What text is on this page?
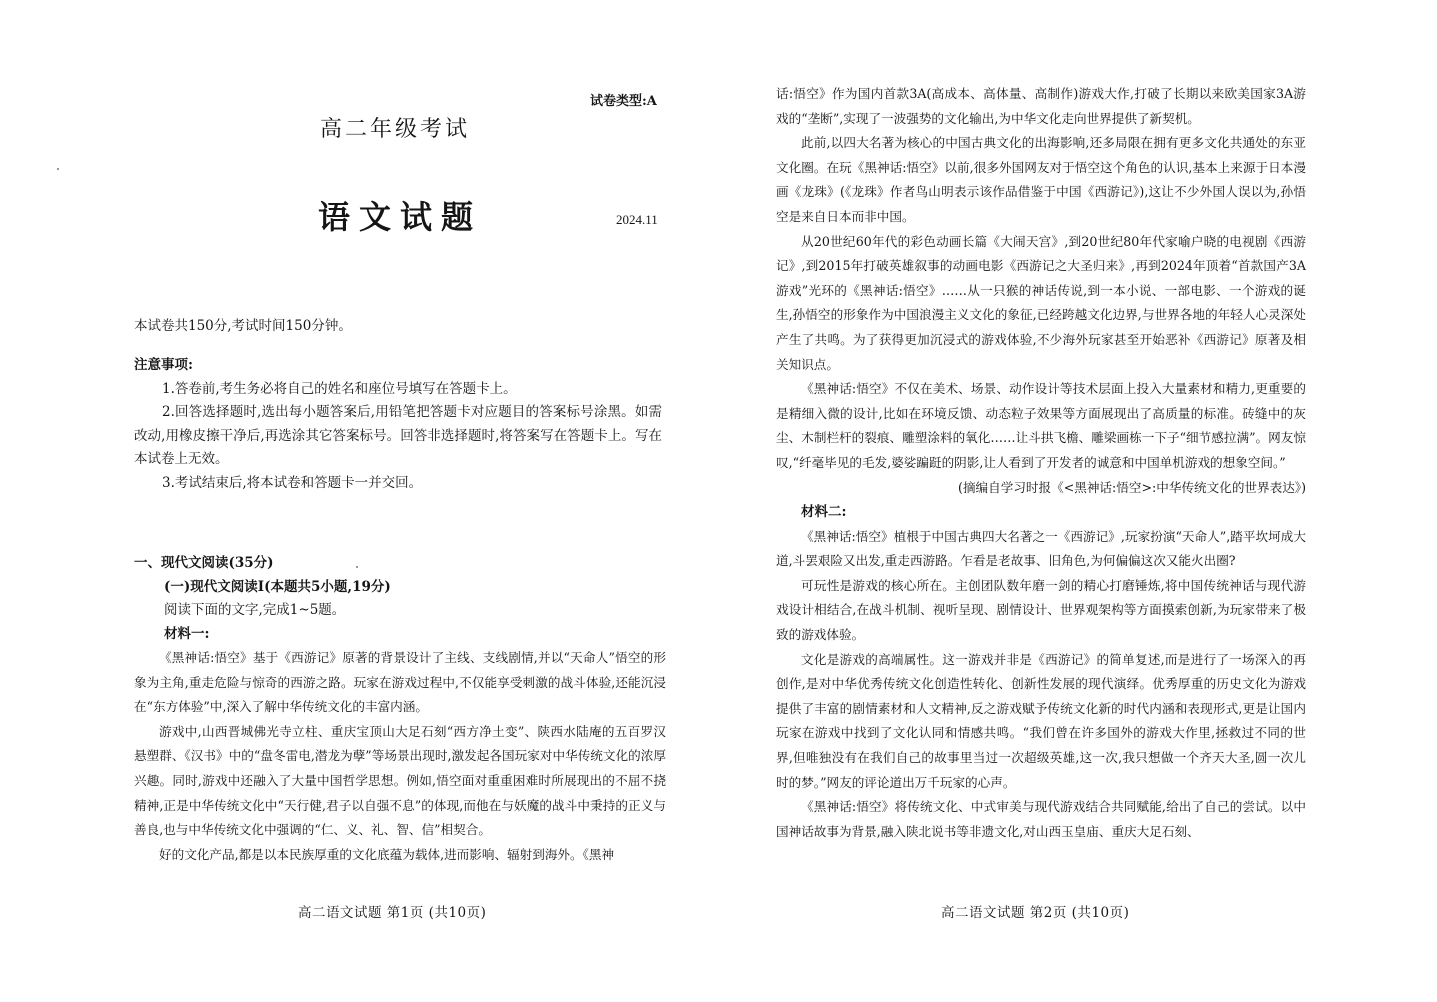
试卷类型:A
高二年级考试
语文试题	2024.11
本试卷共150分,考试时间150分钟。
注意事项:

1.答卷前,考生务必将自己的姓名和座位号填写在答题卡上。

2.回答选择题时,选出每小题答案后,用铅笔把答题卡对应题目的答案标号涂黑。如需改动,用橡皮擦干净后,再选涂其它答案标号。回答非选择题时,将答案写在答题卡上。写在本试卷上无效。

3.考试结束后,将本试卷和答题卡一并交回。

一、现代文阅读(35分)

(一)现代文阅读Ⅰ(本题共5小题,19分)

阅读下面的文字,完成1~5题。

材料一:

《黑神话:悟空》基于《西游记》原著的背景设计了主线、支线剧情,并以“天命人”悟空的形象为主角,重走危险与惊奇的西游之路。玩家在游戏过程中,不仅能享受刺激的战斗体验,还能沉浸在“东方体验”中,深入了解中华传统文化的丰富内涵。

游戏中,山西晋城佛光寺立柱、重庆宝顶山大足石刻“西方净土变”、陕西水陆庵的五百罗汉悬塑群、《汉书》中的“盘冬雷电,潜龙为孽”等场景出现时,激发起各国玩家对中华传统文化的浓厚兴趣。同时,游戏中还融入了大量中国哲学思想。例如,悟空面对重重困难时所展现出的不屈不挠精神,正是中华传统文化中“天行健,君子以自强不息”的体现,而他在与妖魔的战斗中秉持的正义与善良,也与中华传统文化中强调的“仁、义、礼、智、信”相契合。

好的文化产品,都是以本民族厚重的文化底蕴为载体,进而影响、辐射到海外。《黑神

高二语文试题 第1页 (共10页)

话:悟空》作为国内首款3A(高成本、高体量、高制作)游戏大作,打破了长期以来欧美国家3A游戏的“垄断”,实现了一波强势的文化输出,为中华文化走向世界提供了新契机。

此前,以四大名著为核心的中国古典文化的出海影响,还多局限在拥有更多文化共通处的东亚文化圈。在玩《黑神话:悟空》以前,很多外国网友对于悟空这个角色的认识,基本上来源于日本漫画《龙珠》(《龙珠》作者鸟山明表示该作品借鉴于中国《西游记》),这让不少外国人误以为,孙悟空是来自日本而非中国。

从20世纪60年代的彩色动画长篇《大闹天宫》,到20世纪80年代家喻户晓的电视剧《西游记》,到2015年打破英雄叙事的动画电影《西游记之大圣归来》,再到2024年顶着“首款国产3A游戏”光环的《黑神话:悟空》……从一只猴的神话传说,到一本小说、一部电影、一个游戏的诞生,孙悟空的形象作为中国浪漫主义文化的象征,已经跨越文化边界,与世界各地的年轻人心灵深处产生了共鸣。为了获得更加沉浸式的游戏体验,不少海外玩家甚至开始恶补《西游记》原著及相关知识点。

《黑神话:悟空》不仅在美术、场景、动作设计等技术层面上投入大量素材和精力,更重要的是精细入微的设计,比如在环境反馈、动态粒子效果等方面展现出了高质量的标准。砖缝中的灰尘、木制栏杆的裂痕、雕塑涂料的氧化……让斗拱飞檐、雕梁画栋一下子“细节感拉满”。网友惊叹,“纤毫毕见的毛发,婆娑蹁跹的阴影,让人看到了开发者的诚意和中国单机游戏的想象空间。”

(摘编自学习时报《<黑神话:悟空>:中华传统文化的世界表达》)

材料二:

《黑神话:悟空》植根于中国古典四大名著之一《西游记》,玩家扮演“天命人”,踏平坎坷成大道,斗罢艰险又出发,重走西游路。乍看是老故事、旧角色,为何偏偏这次又能火出圈?

可玩性是游戏的核心所在。主创团队数年磨一剑的精心打磨锤炼,将中国传统神话与现代游戏设计相结合,在战斗机制、视听呈现、剧情设计、世界观架构等方面摸索创新,为玩家带来了极致的游戏体验。

文化是游戏的高端属性。这一游戏并非是《西游记》的简单复述,而是进行了一场深入的再创作,是对中华优秀传统文化创造性转化、创新性发展的现代演绎。优秀厚重的历史文化为游戏提供了丰富的剧情素材和人文精神,反之游戏赋予传统文化新的时代内涵和表现形式,更是让国内玩家在游戏中找到了文化认同和情感共鸣。“我们曾在许多国外的游戏大作里,拯救过不同的世界,但唯独没有在我们自己的故事里当过一次超级英雄,这一次,我只想做一个齐天大圣,圆一次儿时的梦。”网友的评论道出万千玩家的心声。

《黑神话:悟空》将传统文化、中式审美与现代游戏结合共同赋能,给出了自己的尝试。以中国神话故事为背景,融入陕北说书等非遗文化,对山西玉皇庙、重庆大足石刻、

高二语文试题 第2页 (共10页)
